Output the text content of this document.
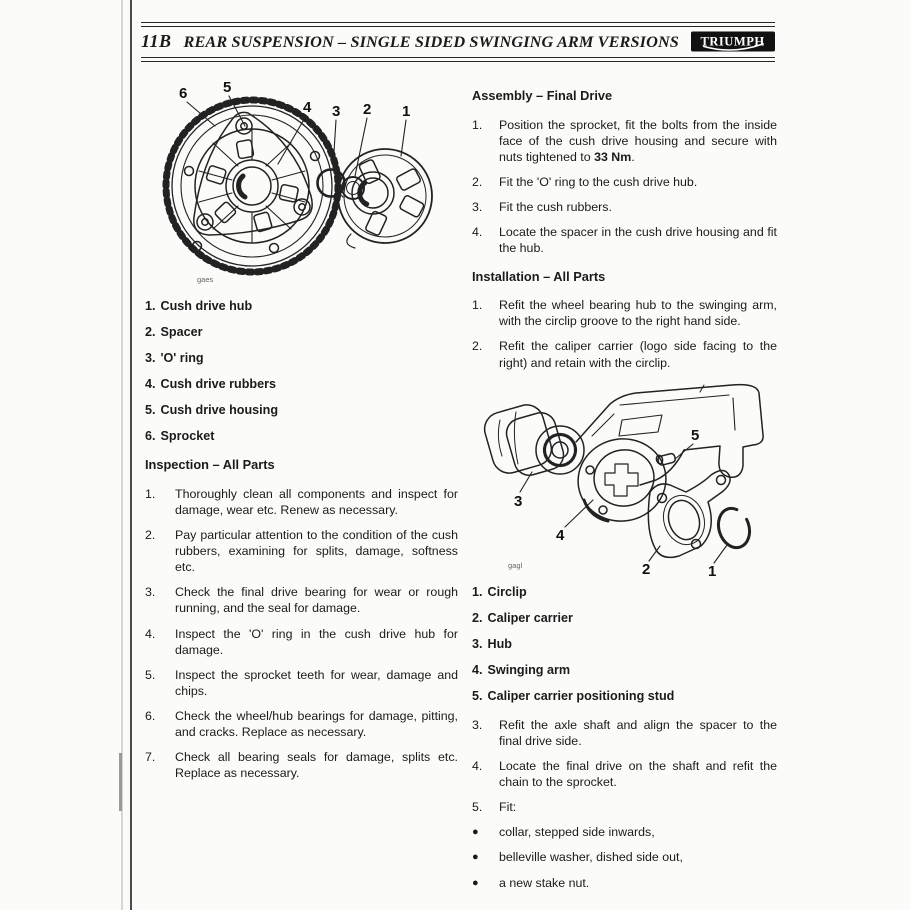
11B REAR SUSPENSION – SINGLE SIDED SWINGING ARM VERSIONS TRIUMPH
6 5
4 3 2 1
gaes
1. Cush drive hub
2. Spacer
3. 'O' ring
4. Cush drive rubbers
5. Cush drive housing
6. Sprocket
Inspection – All Parts
1.	Thoroughly clean all components and inspect for damage, wear etc. Renew as necessary.
2.	Pay particular attention to the condition of the cush rubbers, examining for splits, damage, softness etc.
3.	Check the final drive bearing for wear or rough running, and the seal for damage.
4.	Inspect the 'O' ring in the cush drive hub for damage.
5.	Inspect the sprocket teeth for wear, damage and chips.
6.	Check the wheel/hub bearings for damage, pitting, and cracks. Replace as necessary.
7.	Check all bearing seals for damage, splits etc. Replace as necessary.
Assembly – Final Drive
1.	Position the sprocket, fit the bolts from the inside face of the cush drive housing and secure with nuts tightened to 33 Nm.
2.	Fit the 'O' ring to the cush drive hub.
3.	Fit the cush rubbers.
4.	Locate the spacer in the cush drive housing and fit the hub.
Installation – All Parts
1.	Refit the wheel bearing hub to the swinging arm, with the circlip groove to the right hand side.
2.	Refit the caliper carrier (logo side facing to the right) and retain with the circlip.
5
3
4
2	1
gagl
1. Circlip
2. Caliper carrier
3. Hub
4. Swinging arm
5. Caliper carrier positioning stud
3.	Refit the axle shaft and align the spacer to the final drive side.
4.	Locate the final drive on the shaft and refit the chain to the sprocket.
5.	Fit:
●	collar, stepped side inwards,
●	belleville washer, dished side out,
●	a new stake nut.
